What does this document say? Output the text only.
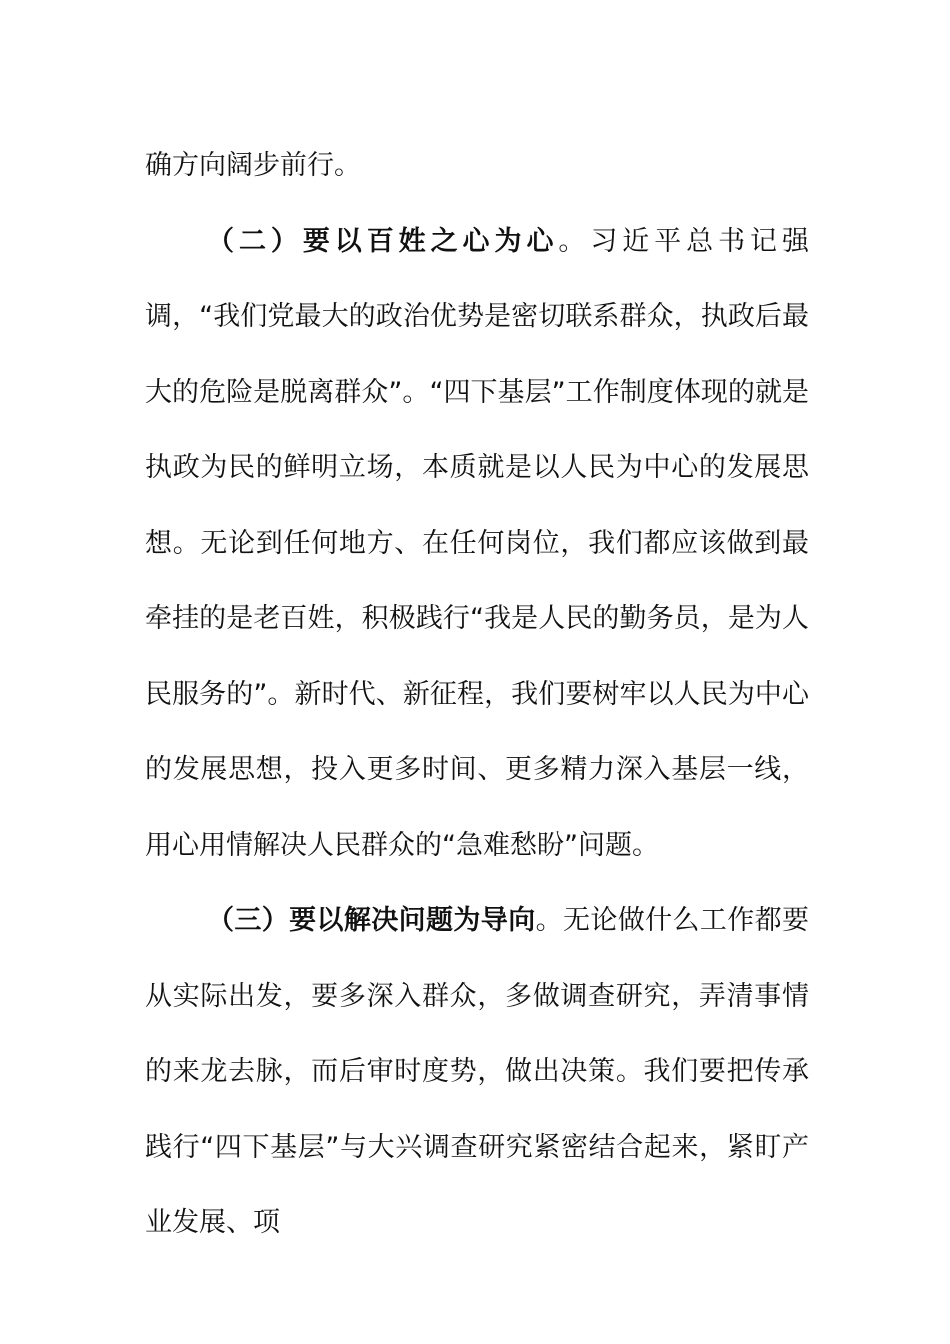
确方向阔步前行。

（二）要以百姓之心为心。习近平总书记强调，“我们党最大的政治优势是密切联系群众，执政后最大的危险是脱离群众”。“四下基层”工作制度体现的就是执政为民的鲜明立场，本质就是以人民为中心的发展思想。无论到任何地方、在任何岗位，我们都应该做到最牵挂的是老百姓，积极践行“我是人民的勤务员，是为人民服务的”。新时代、新征程，我们要树牢以人民为中心的发展思想，投入更多时间、更多精力深入基层一线，用心用情解决人民群众的“急难愁盼”问题。

（三）要以解决问题为导向。无论做什么工作都要从实际出发，要多深入群众，多做调查研究，弄清事情的来龙去脉，而后审时度势，做出决策。我们要把传承践行“四下基层”与大兴调查研究紧密结合起来，紧盯产业发展、项
